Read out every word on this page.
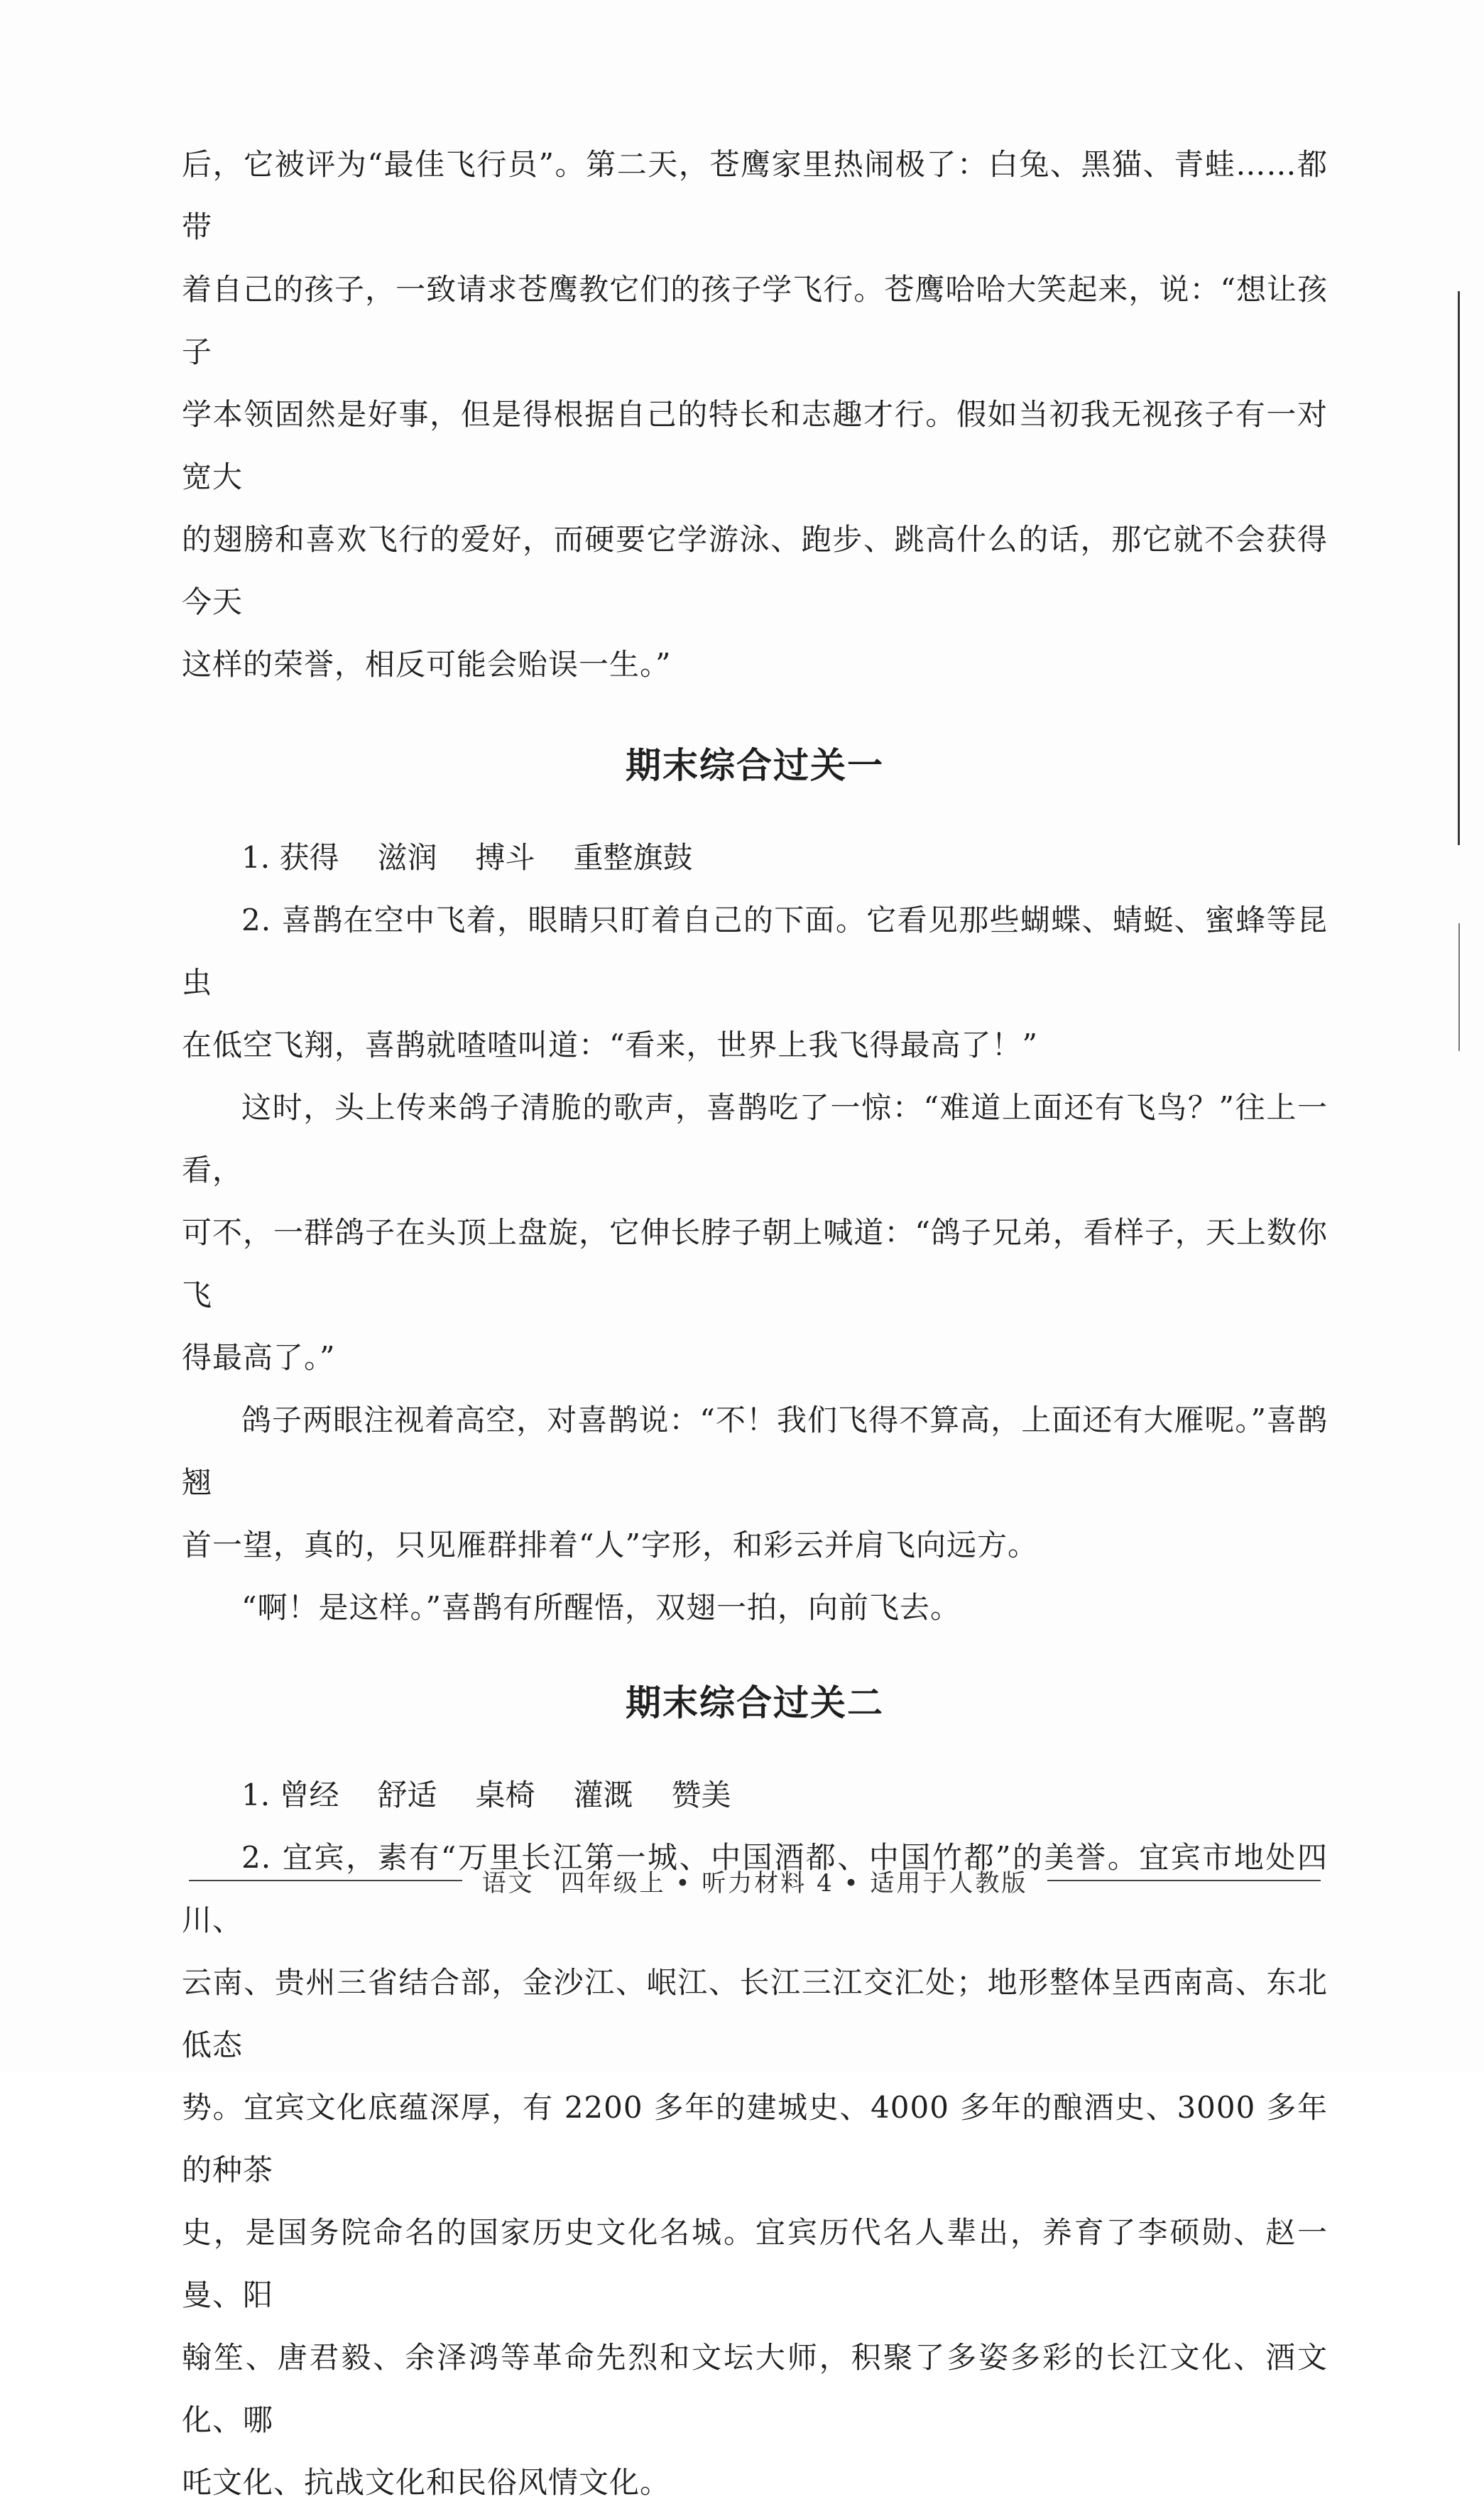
后，它被评为“最佳飞行员”。第二天，苍鹰家里热闹极了：白兔、黑猫、青蛙……都带

着自己的孩子，一致请求苍鹰教它们的孩子学飞行。苍鹰哈哈大笑起来，说：“想让孩子

学本领固然是好事，但是得根据自己的特长和志趣才行。假如当初我无视孩子有一对宽大

的翅膀和喜欢飞行的爱好，而硬要它学游泳、跑步、跳高什么的话，那它就不会获得今天

这样的荣誉，相反可能会贻误一生。”

期末综合过关一

1. 获得 滋润 搏斗 重整旗鼓

2. 喜鹊在空中飞着，眼睛只盯着自己的下面。它看见那些蝴蝶、蜻蜓、蜜蜂等昆虫

在低空飞翔，喜鹊就喳喳叫道：“看来，世界上我飞得最高了！”

这时，头上传来鸽子清脆的歌声，喜鹊吃了一惊：“难道上面还有飞鸟？”往上一看，

可不，一群鸽子在头顶上盘旋，它伸长脖子朝上喊道：“鸽子兄弟，看样子，天上数你飞

得最高了。”

鸽子两眼注视着高空，对喜鹊说：“不！我们飞得不算高，上面还有大雁呢。”喜鹊翘

首一望，真的，只见雁群排着“人”字形，和彩云并肩飞向远方。

“啊！是这样。”喜鹊有所醒悟，双翅一拍，向前飞去。

期末综合过关二

1. 曾经 舒适 桌椅 灌溉 赞美

2. 宜宾，素有“万里长江第一城、中国酒都、中国竹都”的美誉。宜宾市地处四川、

云南、贵州三省结合部，金沙江、岷江、长江三江交汇处；地形整体呈西南高、东北低态

势。宜宾文化底蕴深厚，有 2200 多年的建城史、4000 多年的酿酒史、3000 多年的种茶

史，是国务院命名的国家历史文化名城。宜宾历代名人辈出，养育了李硕勋、赵一曼、阳

翰笙、唐君毅、余泽鸿等革命先烈和文坛大师，积聚了多姿多彩的长江文化、酒文化、哪

吒文化、抗战文化和民俗风情文化。

语文　四年级上 • 听力材料 4 • 适用于人教版
